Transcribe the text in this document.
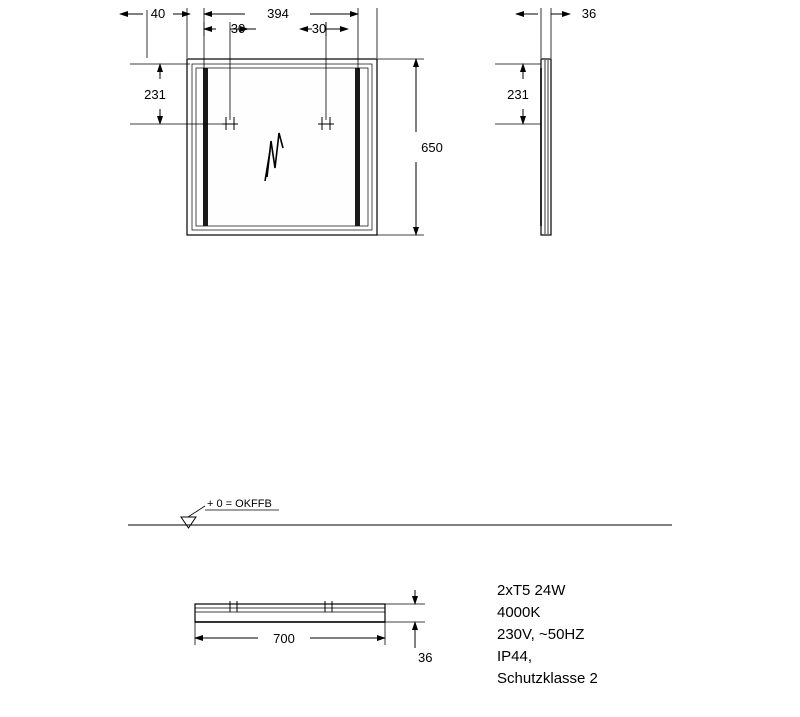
40	394
30	30
231
650
36
231
+ 0 = OKFFB
700
36
2xT5 24W
4000K
230V, ~50HZ
IP44,
Schutzklasse 2
